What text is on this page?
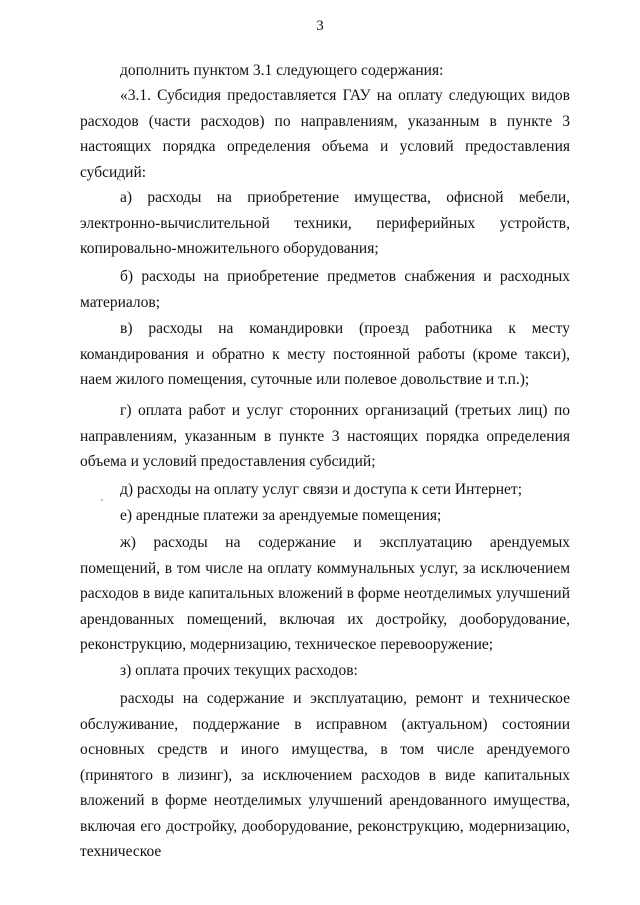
3

дополнить пунктом 3.1 следующего содержания:

«3.1. Субсидия предоставляется ГАУ на оплату следующих видов расходов (части расходов) по направлениям, указанным в пункте 3 настоящих порядка определения объема и условий предоставления субсидий:

ˋ

а) расходы на приобретение имущества, офисной мебели, электронно-вычислительной техники, периферийных устройств, копировально-множительного оборудования;

б) расходы на приобретение предметов снабжения и расходных материалов;

в) расходы на командировки (проезд работника к месту командирования и обратно к месту постоянной работы (кроме такси), наем жилого помещения, суточные или полевое довольствие и т.п.);

г) оплата работ и услуг сторонних организаций (третьих лиц) по направлениям, указанным в пункте 3 настоящих порядка определения объема и условий предоставления субсидий;

д) расходы на оплату услуг связи и доступа к сети Интернет;

ˋ

е) арендные платежи за арендуемые помещения;

ж) расходы на содержание и эксплуатацию арендуемых помещений, в том числе на оплату коммунальных услуг, за исключением расходов в виде капитальных вложений в форме неотделимых улучшений арендованных помещений, включая их достройку, дооборудование, реконструкцию, модернизацию, техническое перевооружение;

з) оплата прочих текущих расходов:

расходы на содержание и эксплуатацию, ремонт и техническое обслуживание, поддержание в исправном (актуальном) состоянии основных средств и иного имущества, в том числе арендуемого (принятого в лизинг), за исключением расходов в виде капитальных вложений в форме неотделимых улучшений арендованного имущества, включая его достройку, дооборудование, реконструкцию, модернизацию, техническое
